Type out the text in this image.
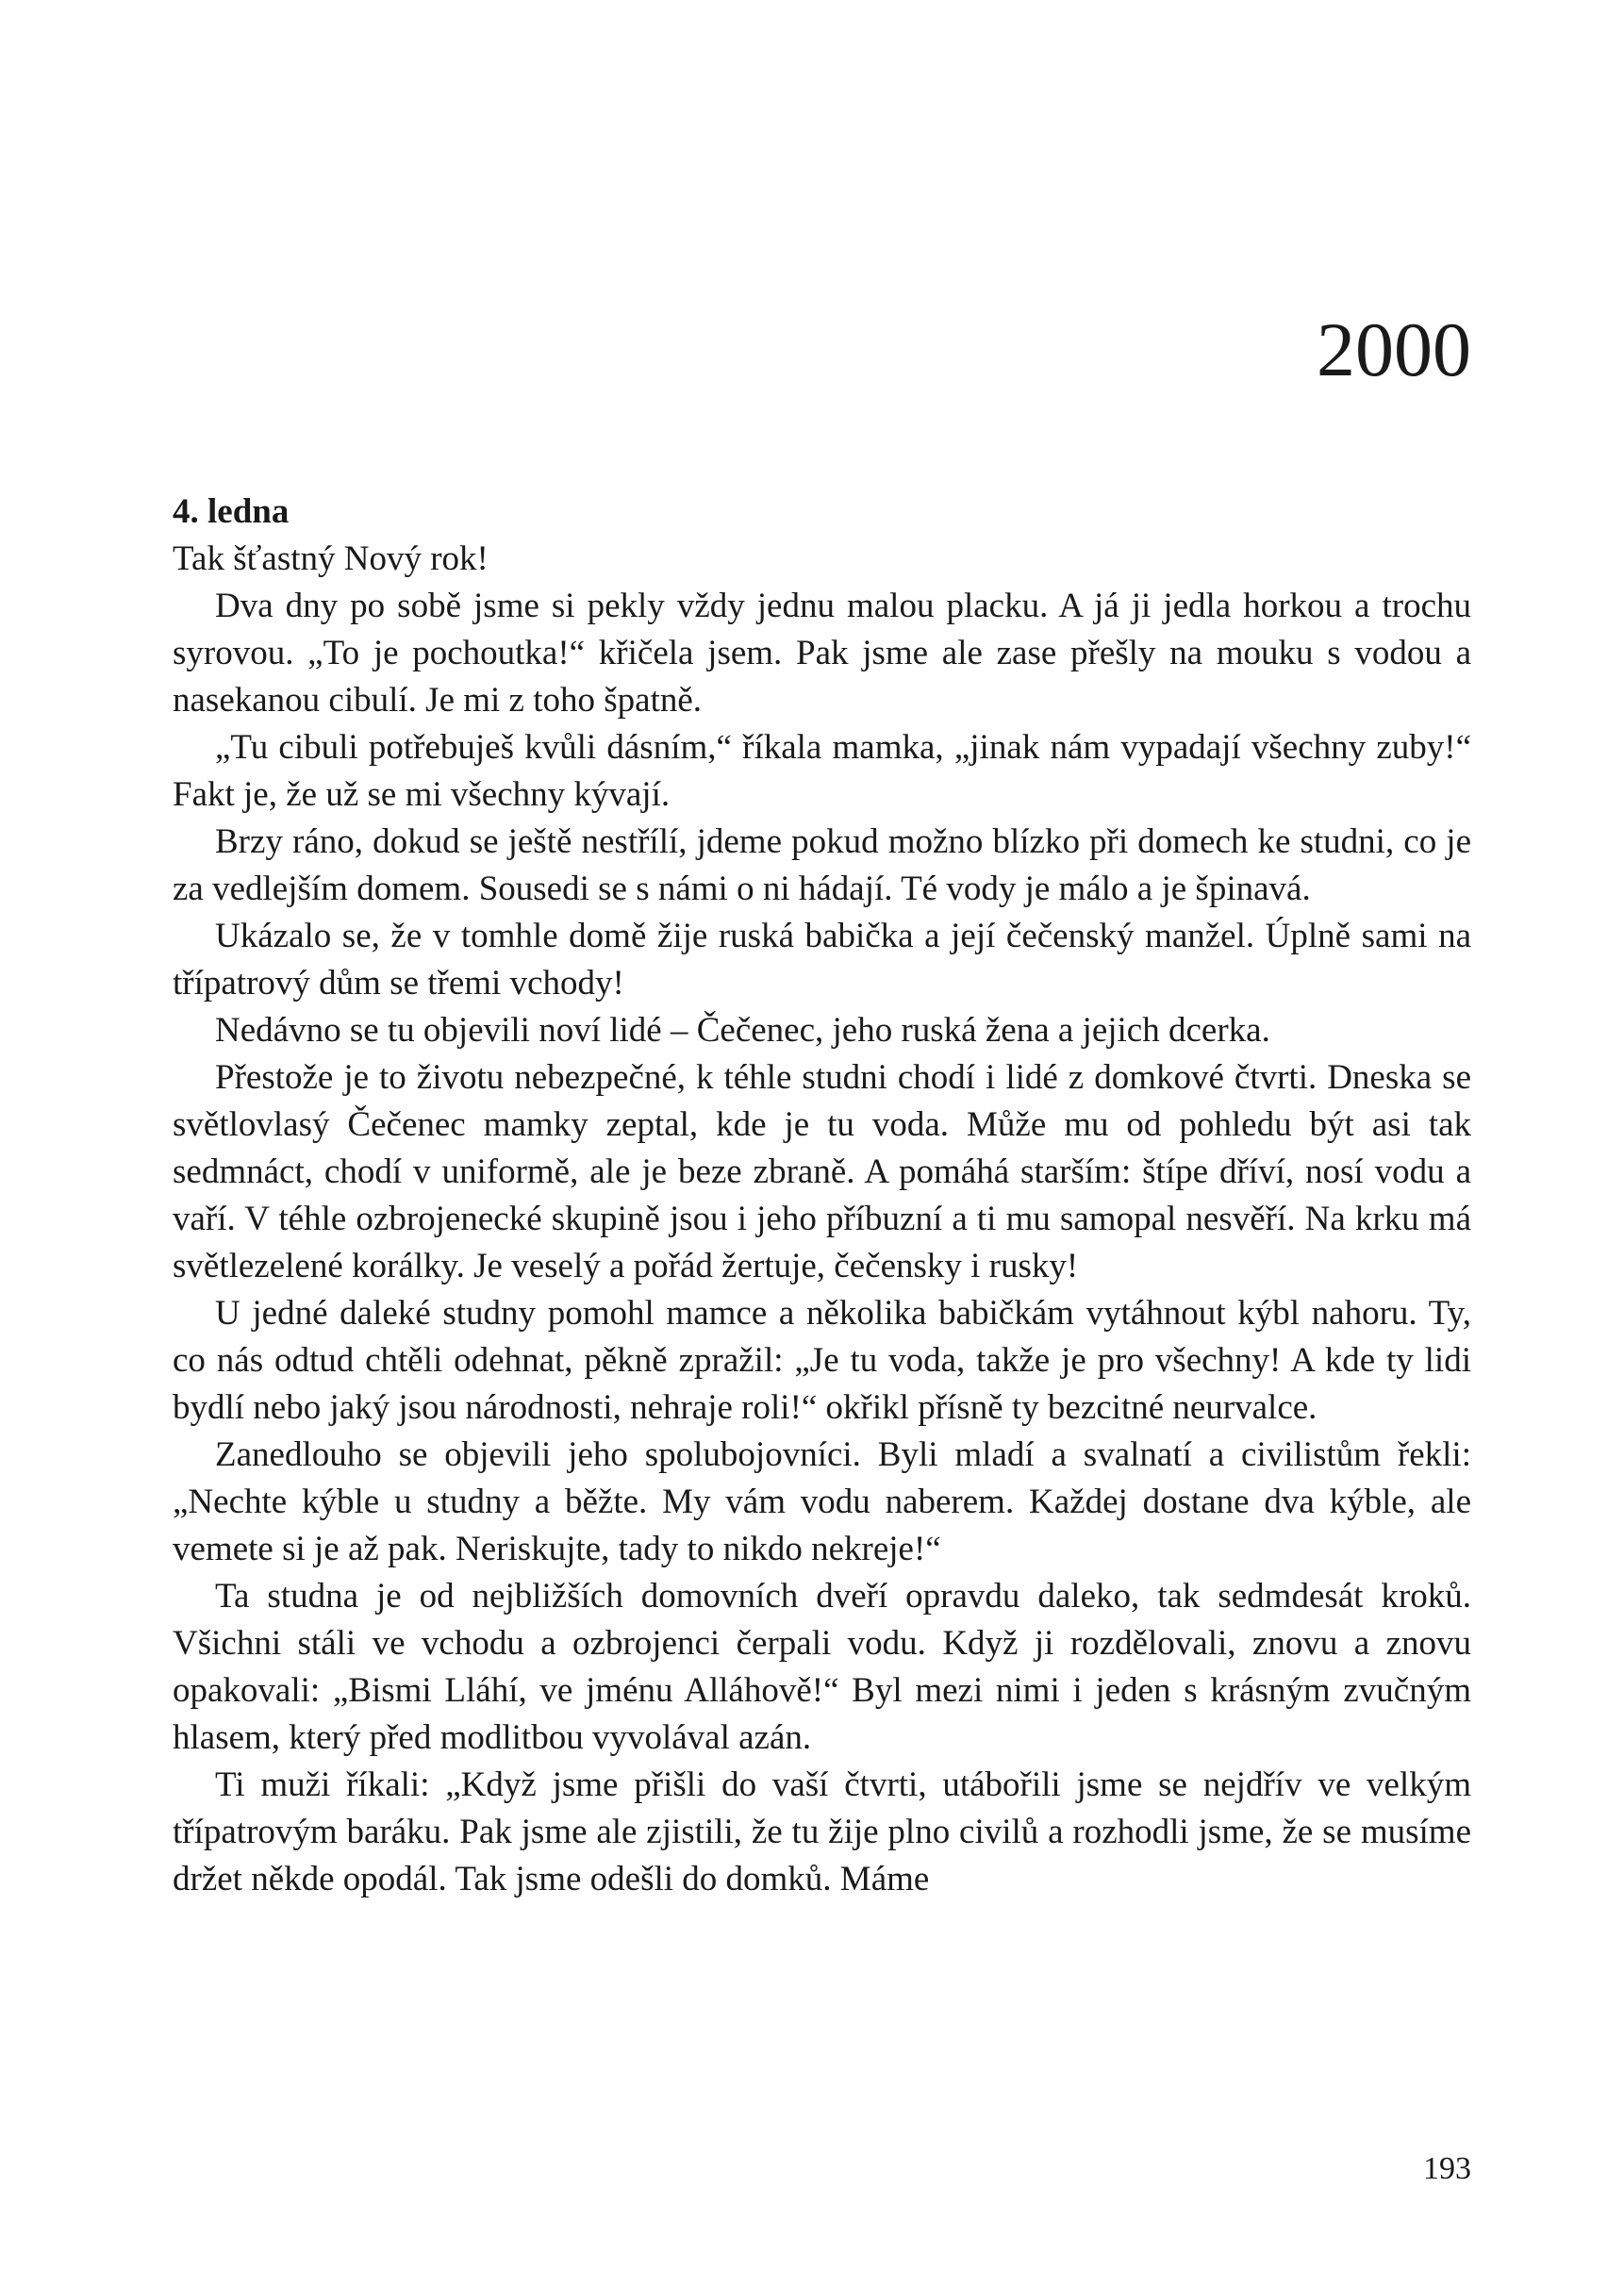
2000

4. ledna

Tak šťastný Nový rok!

Dva dny po sobě jsme si pekly vždy jednu malou placku. A já ji jedla horkou a trochu syrovou. „To je pochoutka!“ křičela jsem. Pak jsme ale zase přešly na mouku s vodou a nasekanou cibulí. Je mi z toho špatně.

„Tu cibuli potřebuješ kvůli dásním,“ říkala mamka, „jinak nám vypadají všechny zuby!“ Fakt je, že už se mi všechny kývají.

Brzy ráno, dokud se ještě nestřílí, jdeme pokud možno blízko při domech ke studni, co je za vedlejším domem. Sousedi se s námi o ni hádají. Té vody je málo a je špinavá.

Ukázalo se, že v tomhle domě žije ruská babička a její čečenský manžel. Úplně sami na třípatrový dům se třemi vchody!

Nedávno se tu objevili noví lidé – Čečenec, jeho ruská žena a jejich dcerka.

Přestože je to životu nebezpečné, k téhle studni chodí i lidé z domkové čtvrti. Dneska se světlovlasý Čečenec mamky zeptal, kde je tu voda. Může mu od pohledu být asi tak sedmnáct, chodí v uniformě, ale je beze zbraně. A pomáhá starším: štípe dříví, nosí vodu a vaří. V téhle ozbrojenecké skupině jsou i jeho příbuzní a ti mu samopal nesvěří. Na krku má světlezelené korálky. Je veselý a pořád žertuje, čečensky i rusky!

U jedné daleké studny pomohl mamce a několika babičkám vytáhnout kýbl nahoru. Ty, co nás odtud chtěli odehnat, pěkně zpražil: „Je tu voda, takže je pro všechny! A kde ty lidi bydlí nebo jaký jsou národnosti, nehraje roli!“ okřikl přísně ty bezcitné neurvalce.

Zanedlouho se objevili jeho spolubojovníci. Byli mladí a svalnatí a civilistům řekli: „Nechte kýble u studny a běžte. My vám vodu naberem. Každej dostane dva kýble, ale vemete si je až pak. Neriskujte, tady to nikdo nekreje!“

Ta studna je od nejbližších domovních dveří opravdu daleko, tak sedmdesát kroků. Všichni stáli ve vchodu a ozbrojenci čerpali vodu. Když ji rozdělovali, znovu a znovu opakovali: „Bismi Lláhí, ve jménu Alláhově!“ Byl mezi nimi i jeden s krásným zvučným hlasem, který před modlitbou vyvolával azán.

Ti muži říkali: „Když jsme přišli do vaší čtvrti, utábořili jsme se nejdřív ve velkým třípatrovým baráku. Pak jsme ale zjistili, že tu žije plno civilů a rozhodli jsme, že se musíme držet někde opodál. Tak jsme odešli do domků. Máme

193
